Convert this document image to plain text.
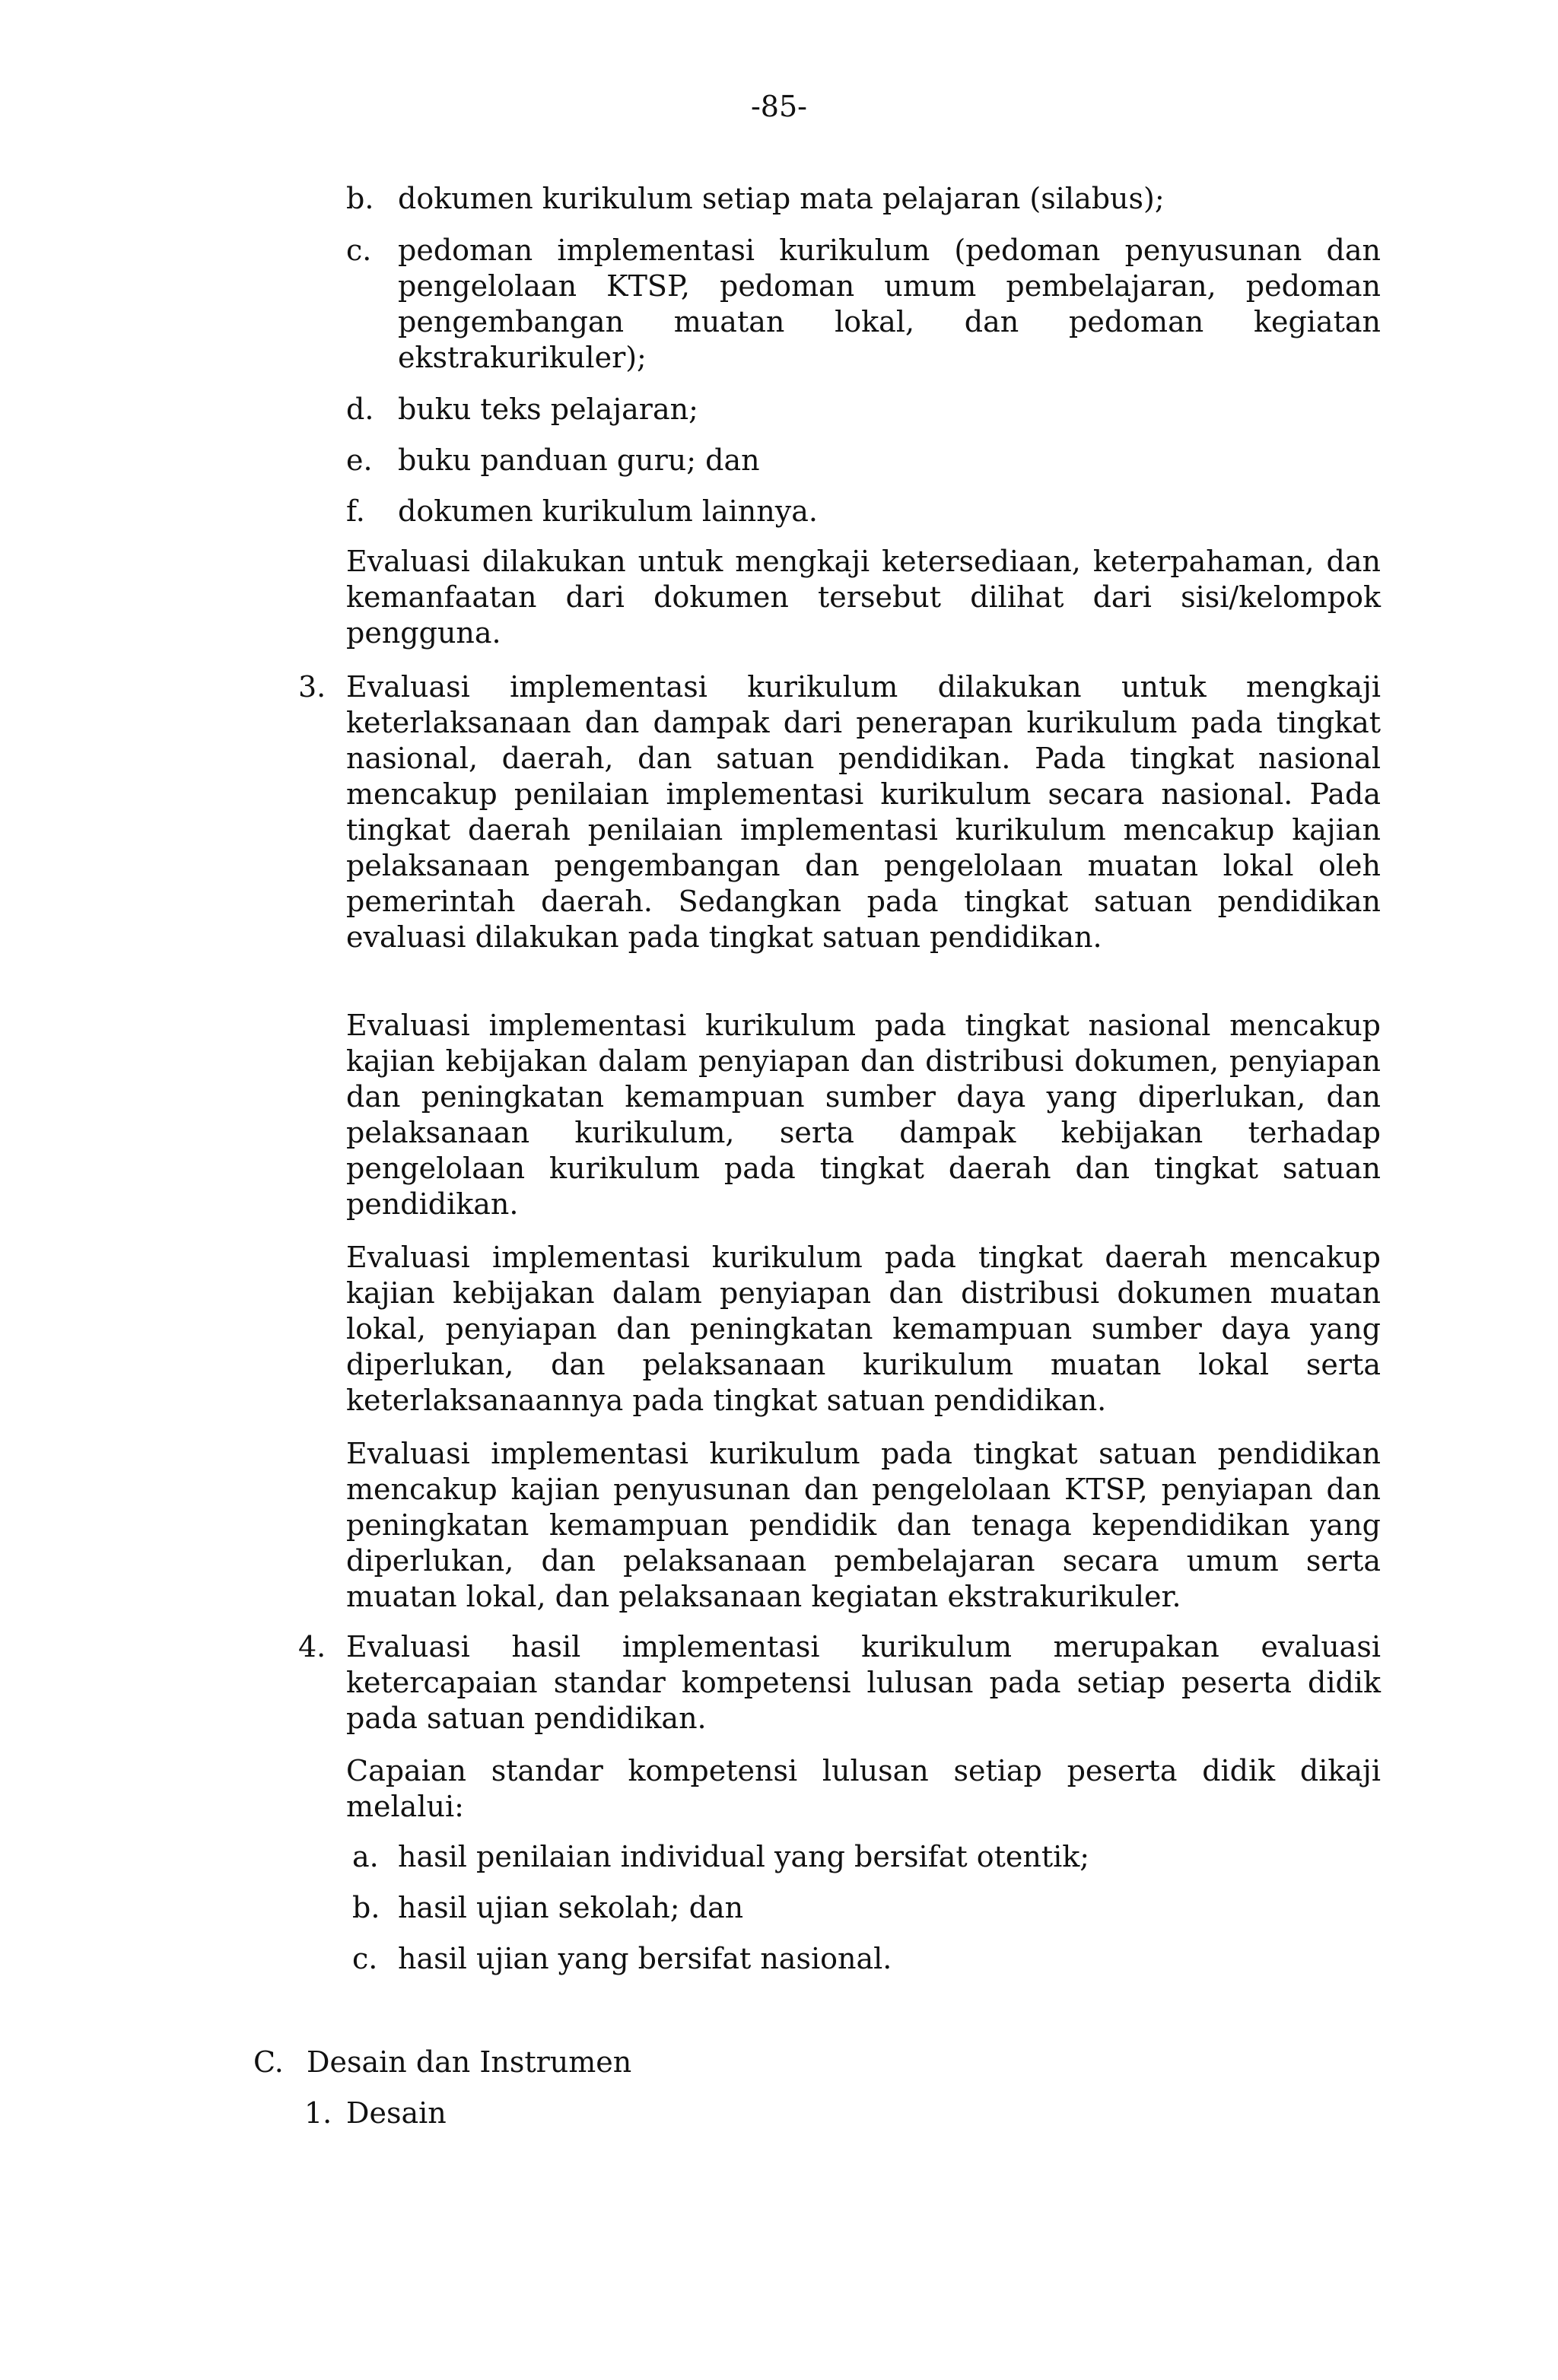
-85-
b. dokumen kurikulum setiap mata pelajaran (silabus);
c. pedoman implementasi kurikulum (pedoman penyusunan dan pengelolaan KTSP, pedoman umum pembelajaran, pedoman pengembangan muatan lokal, dan pedoman kegiatan ekstrakurikuler);
d. buku teks pelajaran;
e. buku panduan guru; dan
f. dokumen kurikulum lainnya.
Evaluasi dilakukan untuk mengkaji ketersediaan, keterpahaman, dan kemanfaatan dari dokumen tersebut dilihat dari sisi/kelompok pengguna.
3. Evaluasi implementasi kurikulum dilakukan untuk mengkaji keterlaksanaan dan dampak dari penerapan kurikulum pada tingkat nasional, daerah, dan satuan pendidikan. Pada tingkat nasional mencakup penilaian implementasi kurikulum secara nasional. Pada tingkat daerah penilaian implementasi kurikulum mencakup kajian pelaksanaan pengembangan dan pengelolaan muatan lokal oleh pemerintah daerah. Sedangkan pada tingkat satuan pendidikan evaluasi dilakukan pada tingkat satuan pendidikan.
Evaluasi implementasi kurikulum pada tingkat nasional mencakup kajian kebijakan dalam penyiapan dan distribusi dokumen, penyiapan dan peningkatan kemampuan sumber daya yang diperlukan, dan pelaksanaan kurikulum, serta dampak kebijakan terhadap pengelolaan kurikulum pada tingkat daerah dan tingkat satuan pendidikan.
Evaluasi implementasi kurikulum pada tingkat daerah mencakup kajian kebijakan dalam penyiapan dan distribusi dokumen muatan lokal, penyiapan dan peningkatan kemampuan sumber daya yang diperlukan, dan pelaksanaan kurikulum muatan lokal serta keterlaksanaannya pada tingkat satuan pendidikan.
Evaluasi implementasi kurikulum pada tingkat satuan pendidikan mencakup kajian penyusunan dan pengelolaan KTSP, penyiapan dan peningkatan kemampuan pendidik dan tenaga kependidikan yang diperlukan, dan pelaksanaan pembelajaran secara umum serta muatan lokal, dan pelaksanaan kegiatan ekstrakurikuler.
4. Evaluasi hasil implementasi kurikulum merupakan evaluasi ketercapaian standar kompetensi lulusan pada setiap peserta didik pada satuan pendidikan.
Capaian standar kompetensi lulusan setiap peserta didik dikaji melalui:
a. hasil penilaian individual yang bersifat otentik;
b. hasil ujian sekolah; dan
c. hasil ujian yang bersifat nasional.
C. Desain dan Instrumen
1. Desain
